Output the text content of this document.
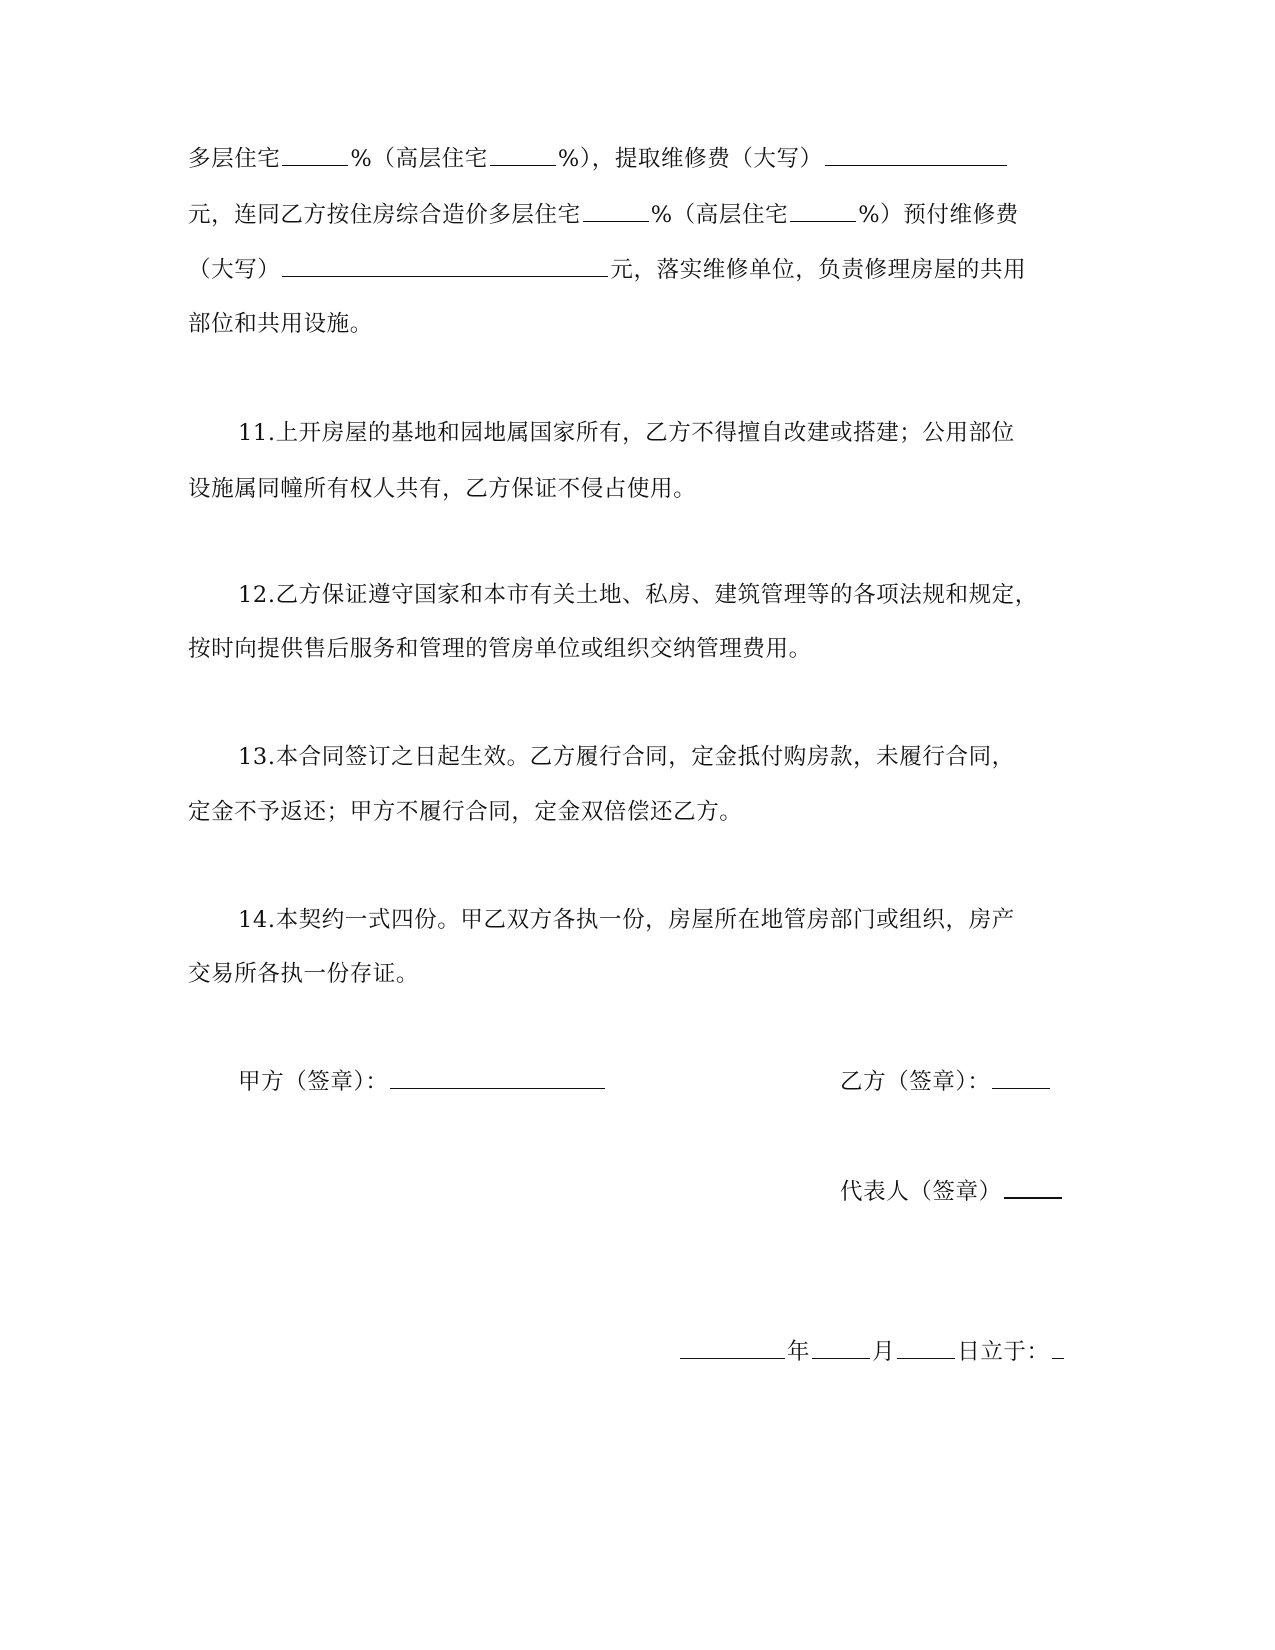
多层住宅	%（高层住宅	%），提取维修费（大写）
元，连同乙方按住房综合造价多层住宅	%（高层住宅	%）预付维修费
（大写）	元，落实维修单位，负责修理房屋的共用
部位和共用设施。
11.上开房屋的基地和园地属国家所有，乙方不得擅自改建或搭建；公用部位
设施属同幢所有权人共有，乙方保证不侵占使用。
12.乙方保证遵守国家和本市有关土地、私房、建筑管理等的各项法规和规定，
按时向提供售后服务和管理的管房单位或组织交纳管理费用。
13.本合同签订之日起生效。乙方履行合同，定金抵付购房款，未履行合同，
定金不予返还；甲方不履行合同，定金双倍偿还乙方。
14.本契约一式四份。甲乙双方各执一份，房屋所在地管房部门或组织，房产
交易所各执一份存证。
甲方（签章）：	乙方（签章）：
代表人（签章）
年	月	日立于：
